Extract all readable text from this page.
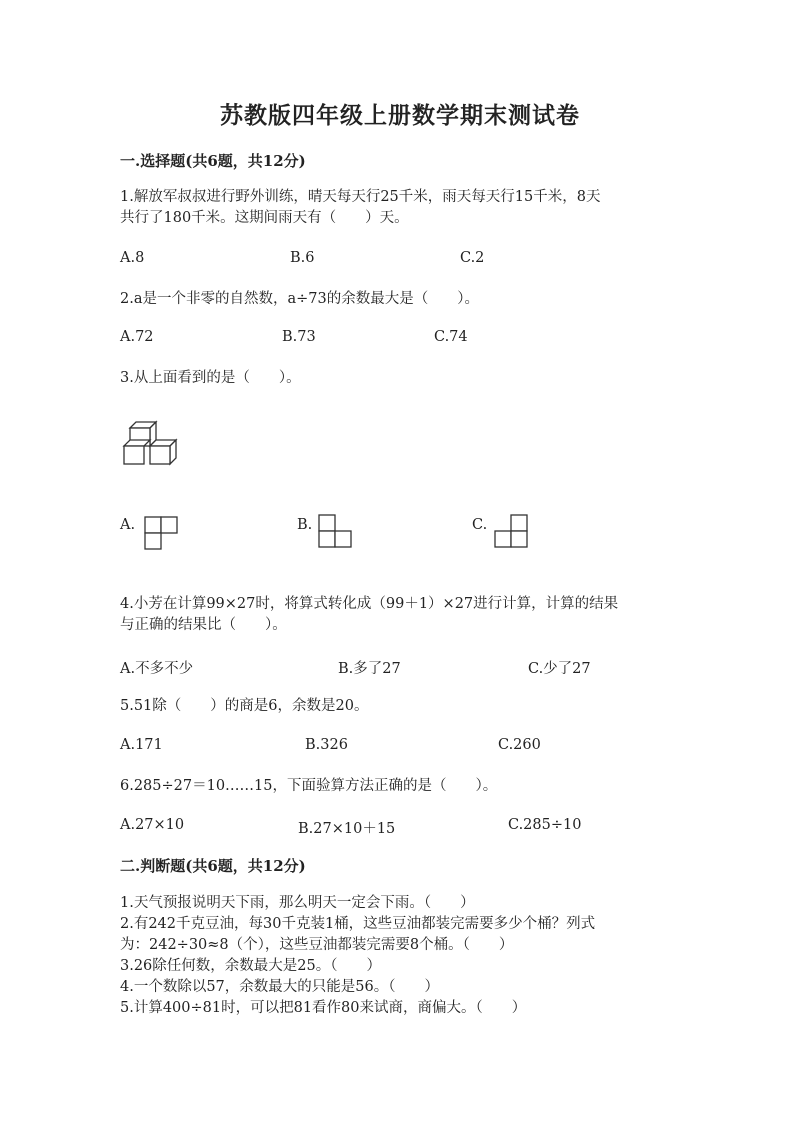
苏教版四年级上册数学期末测试卷

一.选择题(共6题，共12分)

1.解放军叔叔进行野外训练，晴天每天行25千米，雨天每天行15千米，8天

共行了180千米。这期间雨天有（　　）天。

A.8	B.6	C.2

2.a是一个非零的自然数，a÷73的余数最大是（　　）。

A.72	B.73	C.74

3.从上面看到的是（　　）。

A.	B.	C.

4.小芳在计算99×27时，将算式转化成（99＋1）×27进行计算，计算的结果

与正确的结果比（　　）。

A.不多不少	B.多了27	C.少了27

5.51除（　　）的商是6，余数是20。

A.171	B.326	C.260

6.285÷27＝10……15，下面验算方法正确的是（　　）。

A.27×10	B.27×10＋15	C.285÷10

二.判断题(共6题，共12分)

1.天气预报说明天下雨，那么明天一定会下雨。（　　）

2.有242千克豆油，每30千克装1桶，这些豆油都装完需要多少个桶？列式

为：242÷30≈8（个），这些豆油都装完需要8个桶。（　　）

3.26除任何数，余数最大是25。（　　）

4.一个数除以57，余数最大的只能是56。（　　）

5.计算400÷81时，可以把81看作80来试商，商偏大。（　　）
